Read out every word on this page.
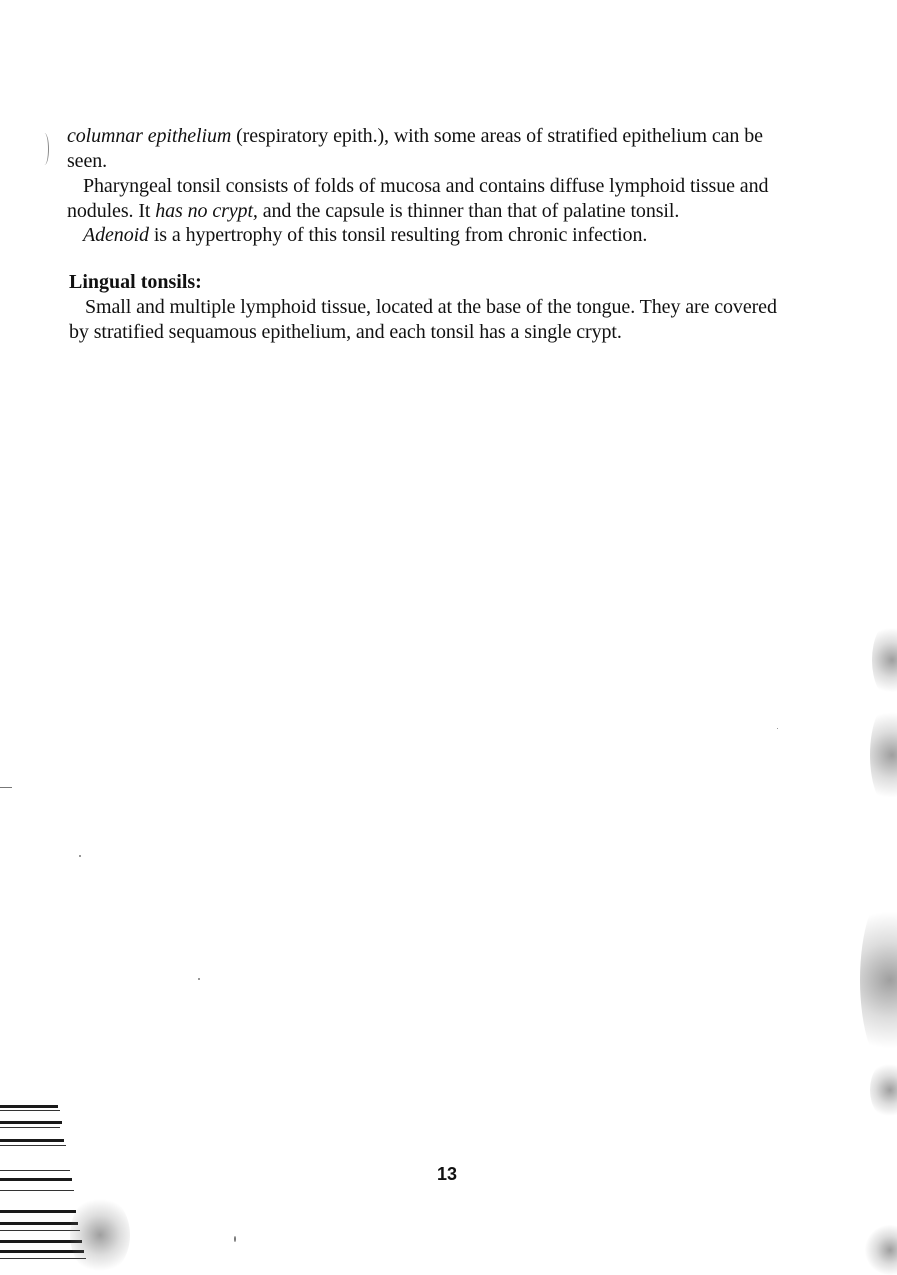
columnar epithelium (respiratory epith.), with some areas of stratified epithelium can be
seen.
Pharyngeal tonsil consists of folds of mucosa and contains diffuse lymphoid tissue and
nodules. It has no crypt, and the capsule is thinner than that of palatine tonsil.
Adenoid is a hypertrophy of this tonsil resulting from chronic infection.
Lingual tonsils:
Small and multiple lymphoid tissue, located at the base of the tongue. They are covered
by stratified sequamous epithelium, and each tonsil has a single crypt.
13
